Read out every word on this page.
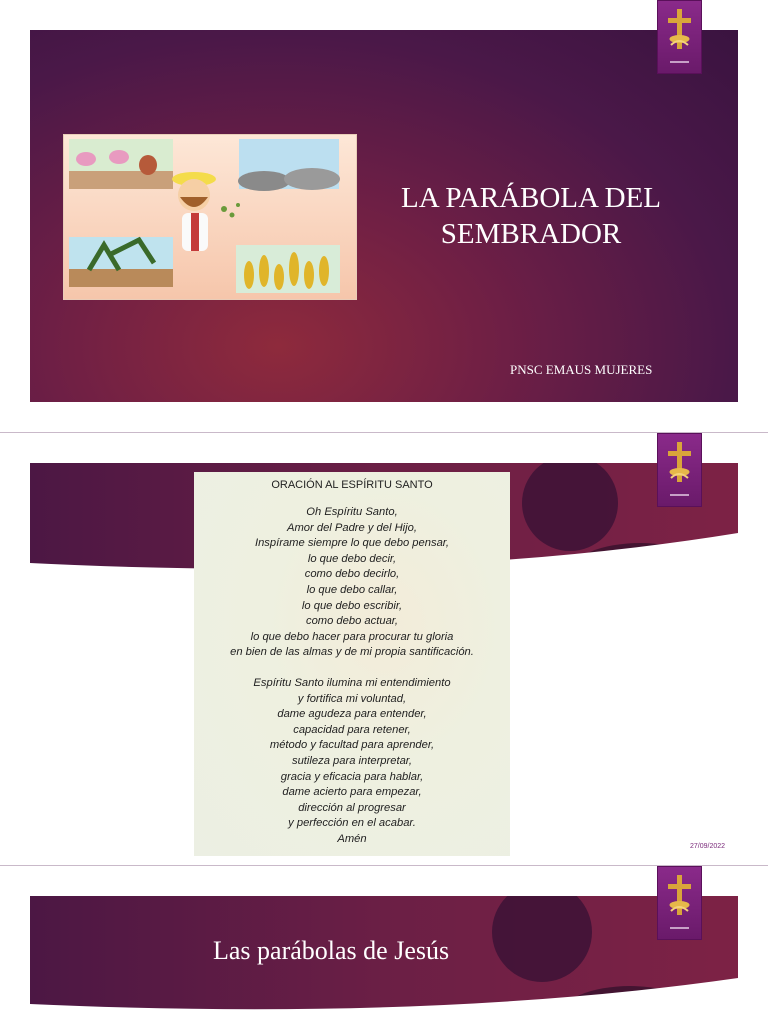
LA PARÁBOLA DEL
SEMBRADOR
PNSC EMAUS MUJERES
ORACIÓN AL ESPÍRITU SANTO
Oh Espíritu Santo,
Amor del Padre y del Hijo,
Inspírame siempre lo que debo pensar,
lo que debo decir,
como debo decirlo,
lo que debo callar,
lo que debo escribir,
como debo actuar,
lo que debo hacer para procurar tu gloria
en bien de las almas y de mi propia santificación.
Espíritu Santo ilumina mi entendimiento
y fortifica mi voluntad,
dame agudeza para entender,
capacidad para retener,
método y facultad para aprender,
sutileza para interpretar,
gracia y eficacia para hablar,
dame acierto para empezar,
dirección al progresar
y perfección en el acabar.
Amén
27/09/2022
Las parábolas de Jesús
